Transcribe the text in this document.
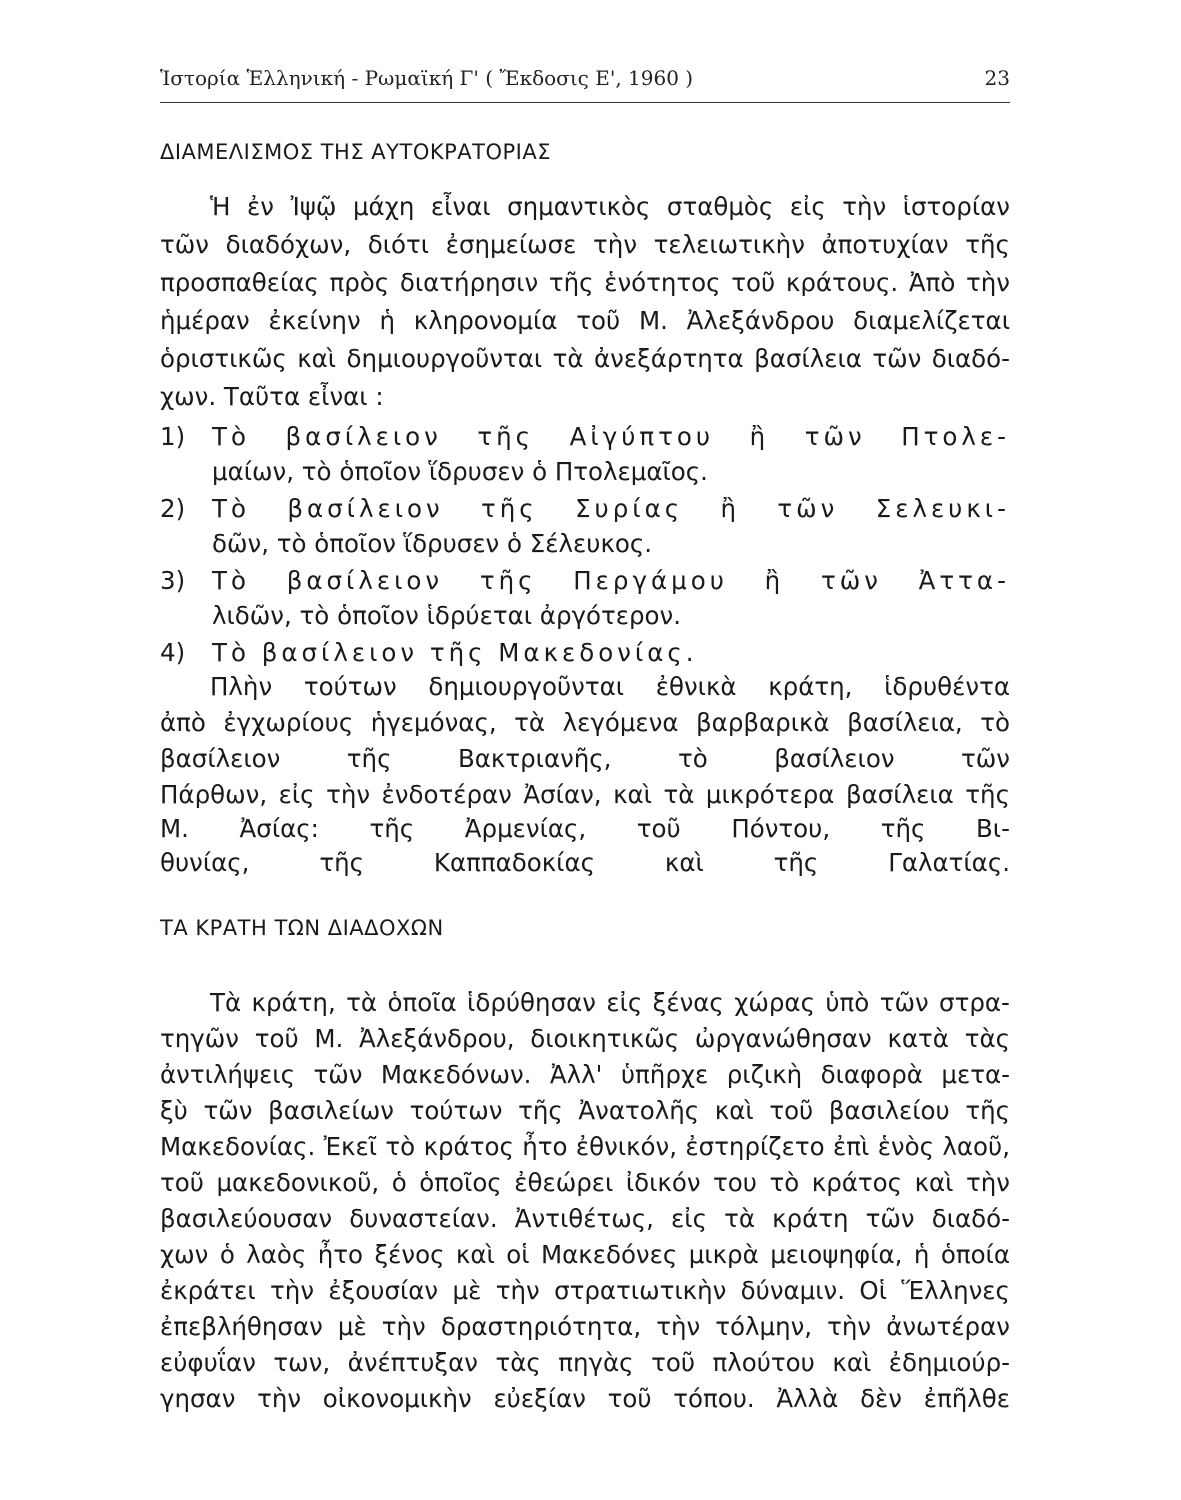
Ἱστορία Ἑλληνική - Ρωμαϊκή Γ' ( Ἔκδοσις Ε', 1960 )	23
ΔΙΑΜΕΛΙΣΜΟΣ ΤΗΣ ΑΥΤΟΚΡΑΤΟΡΙΑΣ
Ἡ ἐν Ἰψῷ μάχη εἶναι σημαντικὸς σταθμὸς εἰς τὴν ἱστορίαν
τῶν διαδόχων, διότι ἐσημείωσε τὴν τελειωτικὴν ἀποτυχίαν τῆς
προσπαθείας πρὸς διατήρησιν τῆς ἑνότητος τοῦ κράτους. Ἀπὸ τὴν
ἡμέραν ἐκείνην ἡ κληρονομία τοῦ Μ. Ἀλεξάνδρου διαμελίζεται
ὁριστικῶς καὶ δημιουργοῦνται τὰ ἀνεξάρτητα βασίλεια τῶν διαδό-
χων. Ταῦτα εἶναι :
1) Τὸ βασίλειον τῆς Αἰγύπτου ἢ τῶν Πτολε-
μαίων, τὸ ὁποῖον ἵδρυσεν ὁ Πτολεμαῖος.
2) Τὸ βασίλειον τῆς Συρίας ἢ τῶν Σελευκι-
δῶν, τὸ ὁποῖον ἵδρυσεν ὁ Σέλευκος.
3) Τὸ βασίλειον τῆς Περγάμου ἢ τῶν Ἀττα-
λιδῶν, τὸ ὁποῖον ἱδρύεται ἀργότερον.
4) Τὸ βασίλειον τῆς Μακεδονίας.
Πλὴν τούτων δημιουργοῦνται ἐθνικὰ κράτη, ἱδρυθέντα
ἀπὸ ἐγχωρίους ἡγεμόνας, τὰ λεγόμενα βαρβαρικὰ βασίλεια, τὸ
βασίλειον	τῆς	Βακτριανῆς,	τὸ	βασίλειον	τῶν
Πάρθων, εἰς τὴν ἐνδοτέραν Ἀσίαν, καὶ τὰ μικρότερα βασίλεια τῆς
Μ. Ἀσίας: τῆς Ἀρμενίας, τοῦ Πόντου, τῆς Βι-
θυνίας,	τῆς	Καππαδοκίας	καὶ	τῆς	Γαλατίας.
ΤΑ ΚΡΑΤΗ ΤΩΝ ΔΙΑΔΟΧΩΝ
Τὰ κράτη, τὰ ὁποῖα ἱδρύθησαν εἰς ξένας χώρας ὑπὸ τῶν στρα-
τηγῶν τοῦ Μ. Ἀλεξάνδρου, διοικητικῶς ὠργανώθησαν κατὰ τὰς
ἀντιλήψεις τῶν Μακεδόνων. Ἀλλ' ὑπῆρχε ριζικὴ διαφορὰ μετα-
ξὺ τῶν βασιλείων τούτων τῆς Ἀνατολῆς καὶ τοῦ βασιλείου τῆς
Μακεδονίας. Ἐκεῖ τὸ κράτος ἦτο ἐθνικόν, ἐστηρίζετο ἐπὶ ἑνὸς λαοῦ,
τοῦ μακεδονικοῦ, ὁ ὁποῖος ἐθεώρει ἰδικόν του τὸ κράτος καὶ τὴν
βασιλεύουσαν δυναστείαν. Ἀντιθέτως, εἰς τὰ κράτη τῶν διαδό-
χων ὁ λαὸς ἦτο ξένος καὶ οἱ Μακεδόνες μικρὰ μειοψηφία, ἡ ὁποία
ἐκράτει τὴν ἐξουσίαν μὲ τὴν στρατιωτικὴν δύναμιν. Οἱ Ἕλληνες
ἐπεβλήθησαν μὲ τὴν δραστηριότητα, τὴν τόλμην, τὴν ἀνωτέραν
εὐφυΐαν των, ἀνέπτυξαν τὰς πηγὰς τοῦ πλούτου καὶ ἐδημιούρ-
γησαν τὴν οἰκονομικὴν εὐεξίαν τοῦ τόπου. Ἀλλὰ δὲν ἐπῆλθε
